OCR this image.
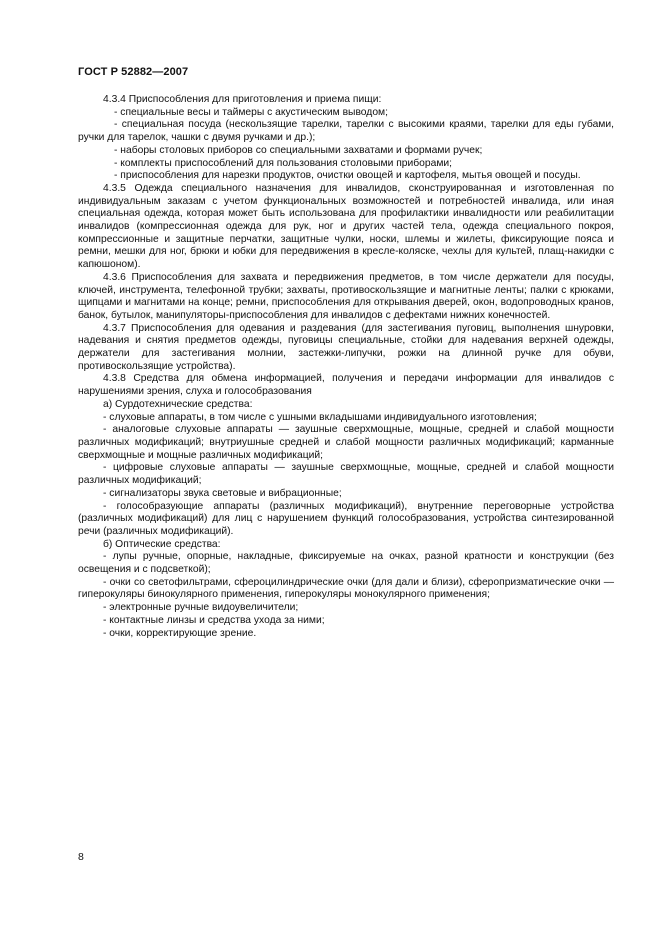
ГОСТ Р 52882—2007

4.3.4 Приспособления для приготовления и приема пищи:

- специальные весы и таймеры с акустическим выводом;

- специальная посуда (нескользящие тарелки, тарелки с высокими краями, тарелки для еды губами, ручки для тарелок, чашки с двумя ручками и др.);

- наборы столовых приборов со специальными захватами и формами ручек;

- комплекты приспособлений для пользования столовыми приборами;

- приспособления для нарезки продуктов, очистки овощей и картофеля, мытья овощей и посуды.

4.3.5 Одежда специального назначения для инвалидов, сконструированная и изготовленная по индивидуальным заказам с учетом функциональных возможностей и потребностей инвалида, или иная специальная одежда, которая может быть использована для профилактики инвалидности или реабилитации инвалидов (компрессионная одежда для рук, ног и других частей тела, одежда специального покроя, компрессионные и защитные перчатки, защитные чулки, носки, шлемы и жилеты, фиксирующие пояса и ремни, мешки для ног, брюки и юбки для передвижения в кресле-коляске, чехлы для культей, плащ-накидки с капюшоном).

4.3.6 Приспособления для захвата и передвижения предметов, в том числе держатели для посуды, ключей, инструмента, телефонной трубки; захваты, противоскользящие и магнитные ленты; палки с крюками, щипцами и магнитами на конце; ремни, приспособления для открывания дверей, окон, водопроводных кранов, банок, бутылок, манипуляторы-приспособления для инвалидов с дефектами нижних конечностей.

4.3.7 Приспособления для одевания и раздевания (для застегивания пуговиц, выполнения шнуровки, надевания и снятия предметов одежды, пуговицы специальные, стойки для надевания верхней одежды, держатели для застегивания молнии, застежки-липучки, рожки на длинной ручке для обуви, противоскользящие устройства).

4.3.8 Средства для обмена информацией, получения и передачи информации для инвалидов с нарушениями зрения, слуха и голособразования

а) Сурдотехнические средства:

- слуховые аппараты, в том числе с ушными вкладышами индивидуального изготовления;

- аналоговые слуховые аппараты — заушные сверхмощные, мощные, средней и слабой мощности различных модификаций; внутриушные средней и слабой мощности различных модификаций; карманные сверхмощные и мощные различных модификаций;

- цифровые слуховые аппараты — заушные сверхмощные, мощные, средней и слабой мощности различных модификаций;

- сигнализаторы звука световые и вибрационные;

- голособразующие аппараты (различных модификаций), внутренние переговорные устройства (различных модификаций) для лиц с нарушением функций голособразования, устройства синтезированной речи (различных модификаций).

б) Оптические средства:

- лупы ручные, опорные, накладные, фиксируемые на очках, разной кратности и конструкции (без освещения и с подсветкой);

- очки со светофильтрами, сфероцилиндрические очки (для дали и близи), сферопризматические очки — гиперокуляры бинокулярного применения, гиперокуляры монокулярного применения;

- электронные ручные видоувеличители;

- контактные линзы и средства ухода за ними;

- очки, корректирующие зрение.

8
